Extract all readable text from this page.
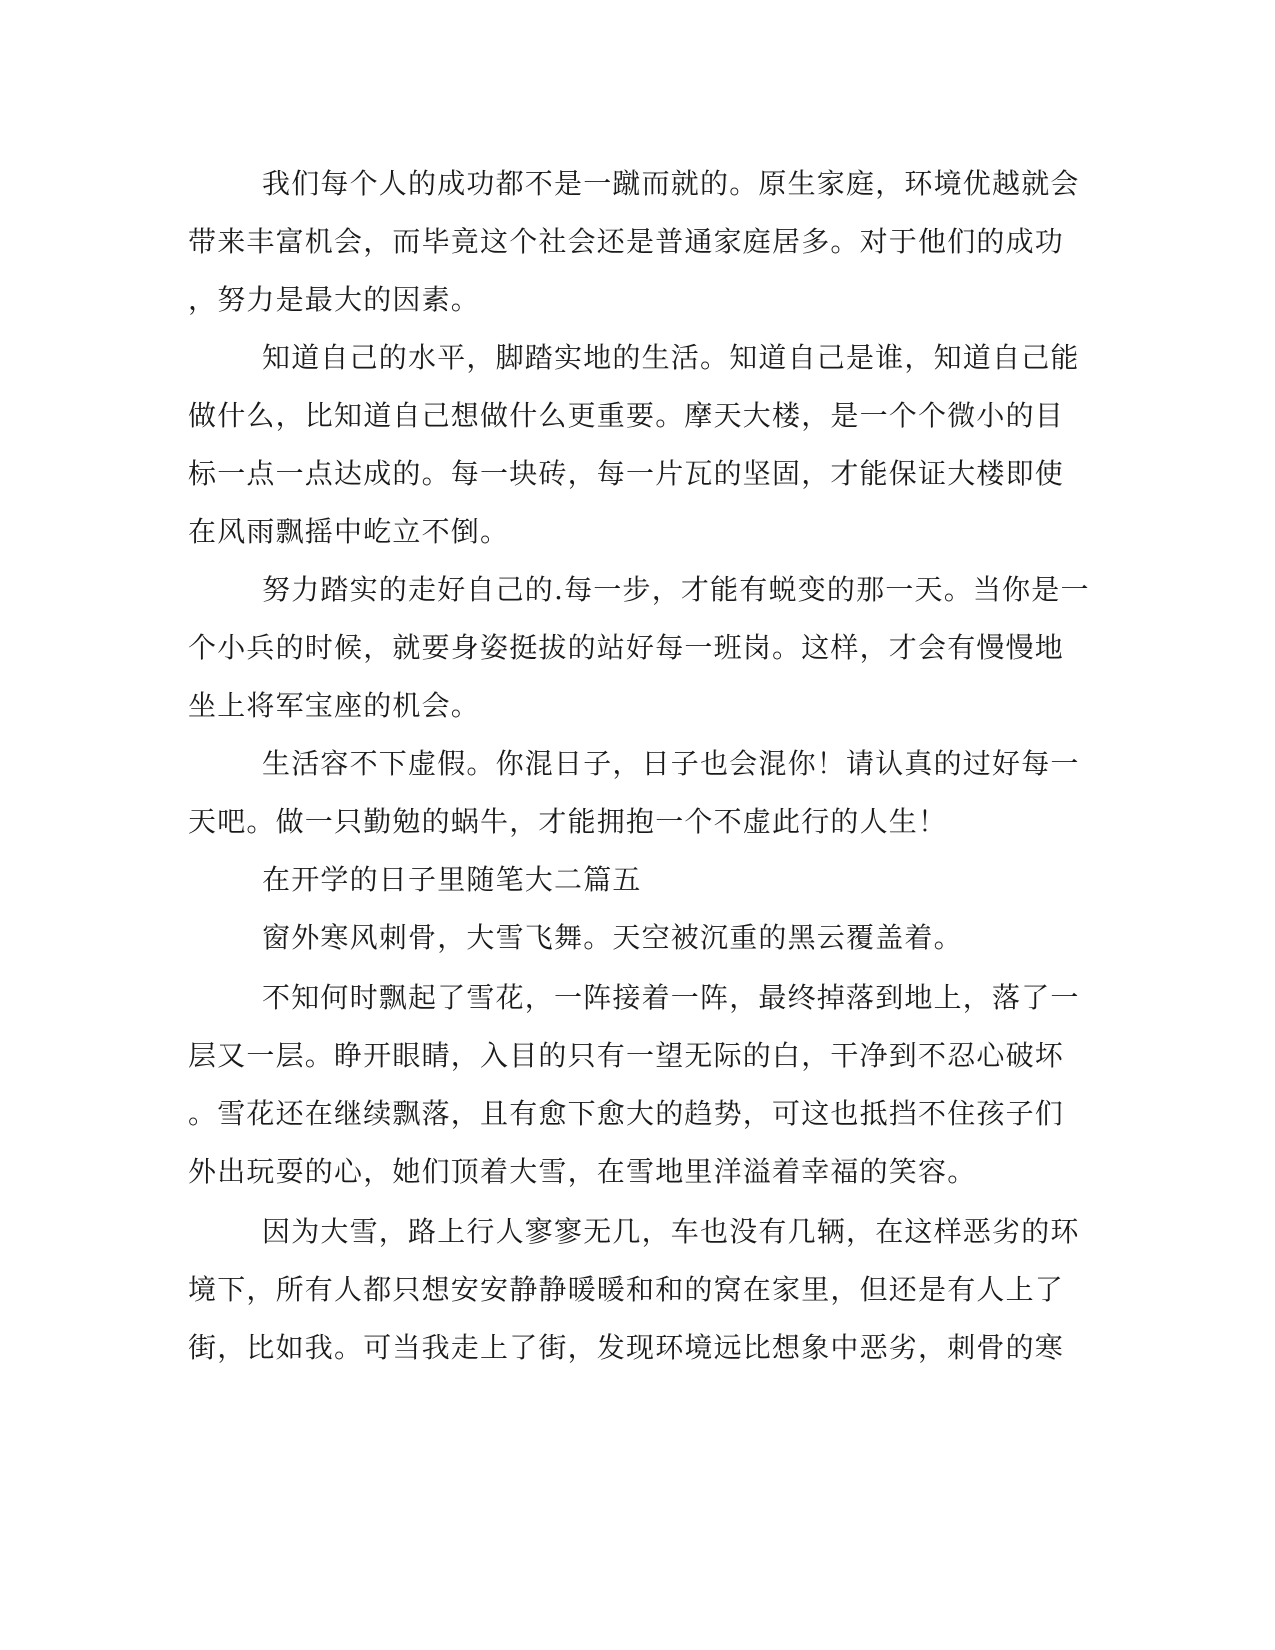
我们每个人的成功都不是一蹴而就的。原生家庭，环境优越就会

带来丰富机会，而毕竟这个社会还是普通家庭居多。对于他们的成功

，努力是最大的因素。

知道自己的水平，脚踏实地的生活。知道自己是谁，知道自己能

做什么，比知道自己想做什么更重要。摩天大楼，是一个个微小的目

标一点一点达成的。每一块砖，每一片瓦的坚固，才能保证大楼即使

在风雨飘摇中屹立不倒。

努力踏实的走好自己的.每一步，才能有蜕变的那一天。当你是一

个小兵的时候，就要身姿挺拔的站好每一班岗。这样，才会有慢慢地

坐上将军宝座的机会。

生活容不下虚假。你混日子，日子也会混你！请认真的过好每一

天吧。做一只勤勉的蜗牛，才能拥抱一个不虚此行的人生！

在开学的日子里随笔大二篇五

窗外寒风刺骨，大雪飞舞。天空被沉重的黑云覆盖着。

不知何时飘起了雪花，一阵接着一阵，最终掉落到地上，落了一

层又一层。睁开眼睛，入目的只有一望无际的白，干净到不忍心破坏

。雪花还在继续飘落，且有愈下愈大的趋势，可这也抵挡不住孩子们

外出玩耍的心，她们顶着大雪，在雪地里洋溢着幸福的笑容。

因为大雪，路上行人寥寥无几，车也没有几辆，在这样恶劣的环

境下，所有人都只想安安静静暖暖和和的窝在家里，但还是有人上了

街，比如我。可当我走上了街，发现环境远比想象中恶劣，刺骨的寒
